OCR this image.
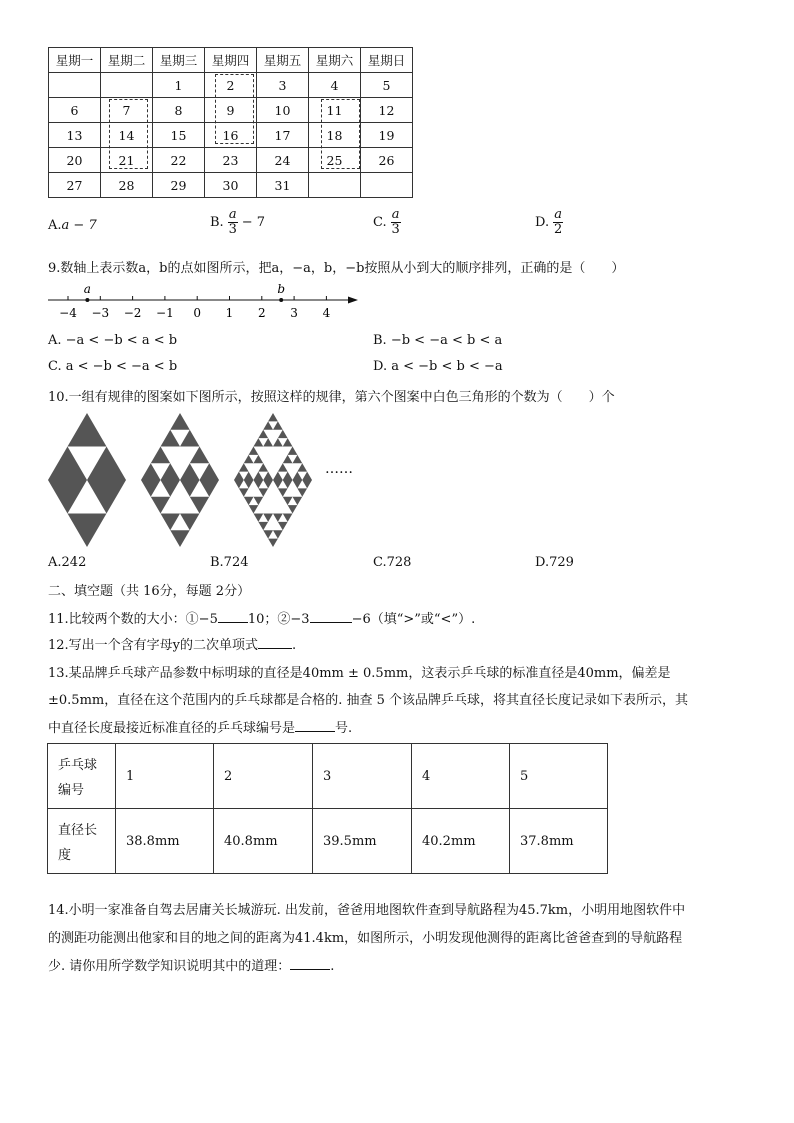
星期一	星期二	星期三	星期四	星期五	星期六	星期日
		1	2	3	4	5
6	7	8	9	10	11	12
13	14	15	16	17	18	19
20	21	22	23	24	25	26
27	28	29	30	31		
A.a − 7	B. $\frac{a}{3} - 7$	C. $\frac{a}{3}$	D. $\frac{a}{2}$
9.数轴上表示数a，b的点如图所示，把a，−a，b，−b按照从小到大的顺序排列，正确的是（　　）
−4 −3 −2 −1 0 1 2 3 4
a	b
A. −a < −b < a < b	B. −b < −a < b < a
C. a < −b < −a < b	D. a < −b < b < −a
10.一组有规律的图案如下图所示，按照这样的规律，第六个图案中白色三角形的个数为（　　）个
……
A.242	B.724	C.728	D.729
二、填空题（共 16分，每题 2分）
11.比较两个数的大小：①−5 10；②−3	−6（填“>”或“<”）.
12.写出一个含有字母y的二次单项式	.
13.某品牌乒乓球产品参数中标明球的直径是40mm ± 0.5mm，这表示乒乓球的标准直径是40mm，偏差是
±0.5mm，直径在这个范围内的乒乓球都是合格的. 抽查 5 个该品牌乒乓球，将其直径长度记录如下表所示，其
中直径长度最接近标准直径的乒乓球编号是	号.
乒乓球
编号	1	2	3	4	5

直径长
度	38.8mm	40.8mm	39.5mm	40.2mm	37.8mm
14.小明一家准备自驾去居庸关长城游玩. 出发前，爸爸用地图软件查到导航路程为45.7km，小明用地图软件中
的测距功能测出他家和目的地之间的距离为41.4km，如图所示，小明发现他测得的距离比爸爸查到的导航路程
少. 请你用所学数学知识说明其中的道理：	.
